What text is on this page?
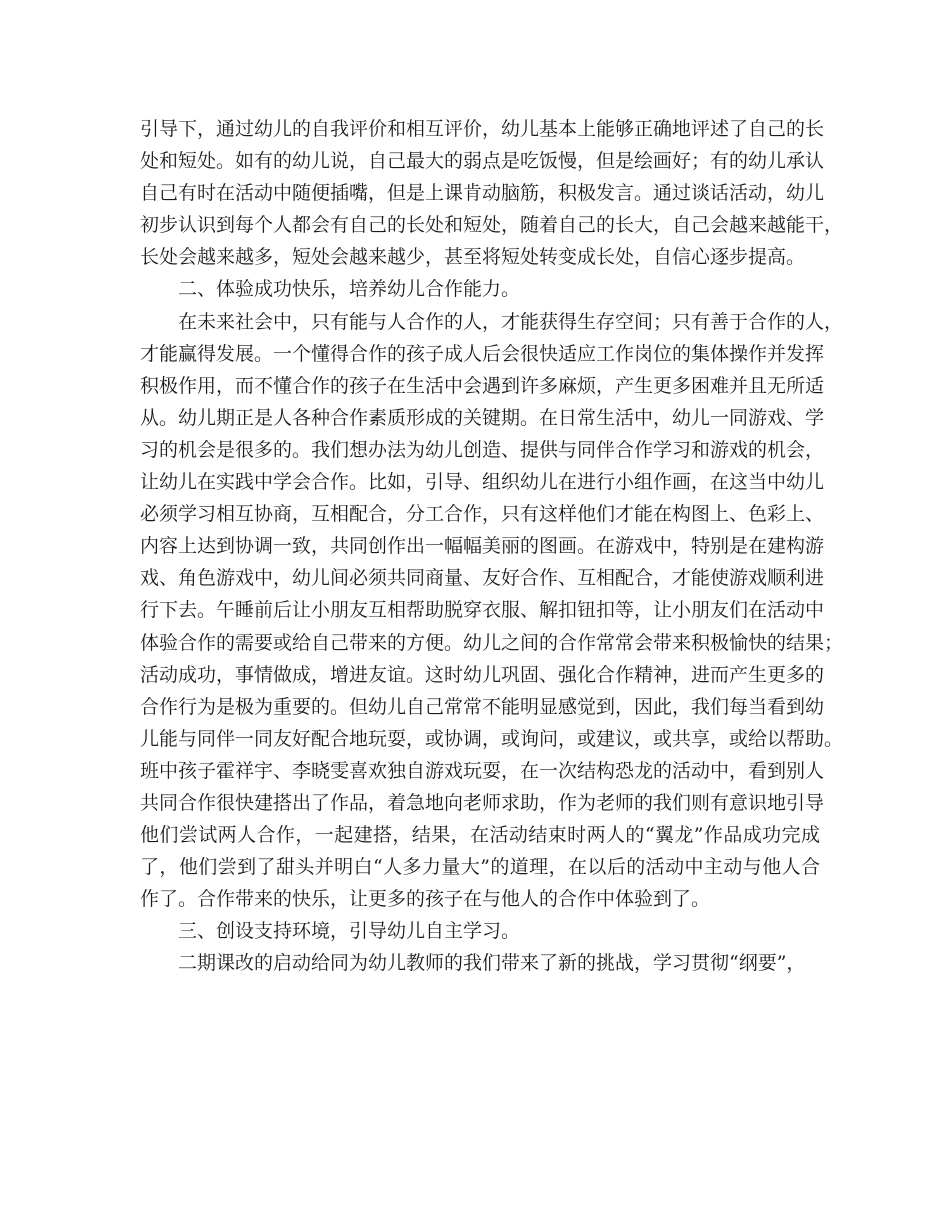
引导下，通过幼儿的自我评价和相互评价，幼儿基本上能够正确地评述了自己的长
处和短处。如有的幼儿说，自己最大的弱点是吃饭慢，但是绘画好；有的幼儿承认
自己有时在活动中随便插嘴，但是上课肯动脑筋，积极发言。通过谈话活动，幼儿
初步认识到每个人都会有自己的长处和短处，随着自己的长大，自己会越来越能干，
长处会越来越多，短处会越来越少，甚至将短处转变成长处，自信心逐步提高。
二、体验成功快乐，培养幼儿合作能力。
在未来社会中，只有能与人合作的人，才能获得生存空间；只有善于合作的人，
才能赢得发展。一个懂得合作的孩子成人后会很快适应工作岗位的集体操作并发挥
积极作用，而不懂合作的孩子在生活中会遇到许多麻烦，产生更多困难并且无所适
从。幼儿期正是人各种合作素质形成的关键期。在日常生活中，幼儿一同游戏、学
习的机会是很多的。我们想办法为幼儿创造、提供与同伴合作学习和游戏的机会，
让幼儿在实践中学会合作。比如，引导、组织幼儿在进行小组作画，在这当中幼儿
必须学习相互协商，互相配合，分工合作，只有这样他们才能在构图上、色彩上、
内容上达到协调一致，共同创作出一幅幅美丽的图画。在游戏中，特别是在建构游
戏、角色游戏中，幼儿间必须共同商量、友好合作、互相配合，才能使游戏顺利进
行下去。午睡前后让小朋友互相帮助脱穿衣服、解扣钮扣等，让小朋友们在活动中
体验合作的需要或给自己带来的方便。幼儿之间的合作常常会带来积极愉快的结果；
活动成功，事情做成，增进友谊。这时幼儿巩固、强化合作精神，进而产生更多的
合作行为是极为重要的。但幼儿自己常常不能明显感觉到，因此，我们每当看到幼
儿能与同伴一同友好配合地玩耍，或协调，或询问，或建议，或共享，或给以帮助。
班中孩子霍祥宇、李晓雯喜欢独自游戏玩耍，在一次结构恐龙的活动中，看到别人
共同合作很快建搭出了作品，着急地向老师求助，作为老师的我们则有意识地引导
他们尝试两人合作，一起建搭，结果，在活动结束时两人的“翼龙”作品成功完成
了，他们尝到了甜头并明白“人多力量大”的道理，在以后的活动中主动与他人合
作了。合作带来的快乐，让更多的孩子在与他人的合作中体验到了。
三、创设支持环境，引导幼儿自主学习。
二期课改的启动给同为幼儿教师的我们带来了新的挑战，学习贯彻“纲要”，
